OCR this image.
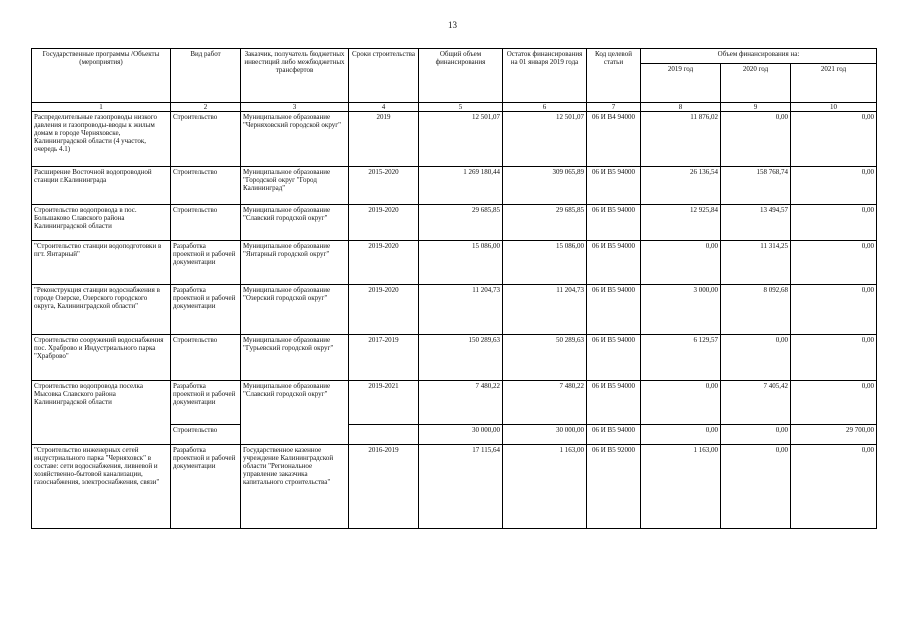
13
Государственные программы /Объекты (мероприятия)	Вид работ	Заказчик, получатель бюджетных инвестиций либо межбюджетных трансфертов	Сроки строительства	Общий объем финансирования	Остаток финансирования на 01 января 2019 года	Код целевой статьи	Объем финансирования на:		
							2019 год	2020 год	2021 год
1	2	3	4	5	6	7	8	9	10
Распределительные газопроводы низкого давления и газопроводы-вводы к жилым домам в городе Черняховске, Калининградской области (4 участок, очередь 4.1)	Строительство	Муниципальное образование "Черняховский городской округ"	2019	12 501,07	12 501,07	06 И В4 94000	11 876,02	0,00	0,00
Расширение Восточной водопроводной станции г.Калининграда	Строительство	Муниципальное образование "Городской округ "Город Калининград"	2015-2020	1 269 180,44	309 065,89	06 И В5 94000	26 136,54	158 768,74	0,00
Строительство водопровода в пос. Большаково Славского района Калининградской области	Строительство	Муниципальное образование "Славский городской округ"	2019-2020	29 685,85	29 685,85	06 И В5 94000	12 925,84	13 494,57	0,00
"Строительство станции водоподготовки в пгт. Янтарный"	Разработка проектной и рабочей документации	Муниципальное образование "Янтарный городской округ"	2019-2020	15 086,00	15 086,00	06 И В5 94000	0,00	11 314,25	0,00
"Реконструкция станции водоснабжения в городе Озерске, Озерского городского округа, Калининградской области"	Разработка проектной и рабочей документации	Муниципальное образование "Озерский городской округ"	2019-2020	11 204,73	11 204,73	06 И В5 94000	3 000,00	8 092,68	0,00
Строительство сооружений водоснабжения пос. Храброво и Индустриального парка "Храброво"	Строительство	Муниципальное образование "Гурьевский городской округ"	2017-2019	150 289,63	50 289,63	06 И В5 94000	6 129,57	0,00	0,00
Строительство водопровода поселка Мысовка Славского района Калининградской области	Разработка проектной и рабочей документации	Муниципальное образование "Славский городской округ"	2019-2021	7 480,22	7 480,22	06 И В5 94000	0,00	7 405,42	0,00
	Строительство			30 000,00	30 000,00	06 И В5 94000	0,00	0,00	29 700,00
"Строительство инженерных сетей индустриального парка "Черняховск" в составе: сети водоснабжения, ливневой и хозяйственно-бытовой канализации, газоснабжения, электроснабжения, связи"	Разработка проектной и рабочей документации	Государственное казенное учреждение Калининградской области "Региональное управление заказчика капитального строительства"	2016-2019	17 115,64	1 163,00	06 И В5 92000	1 163,00	0,00	0,00
